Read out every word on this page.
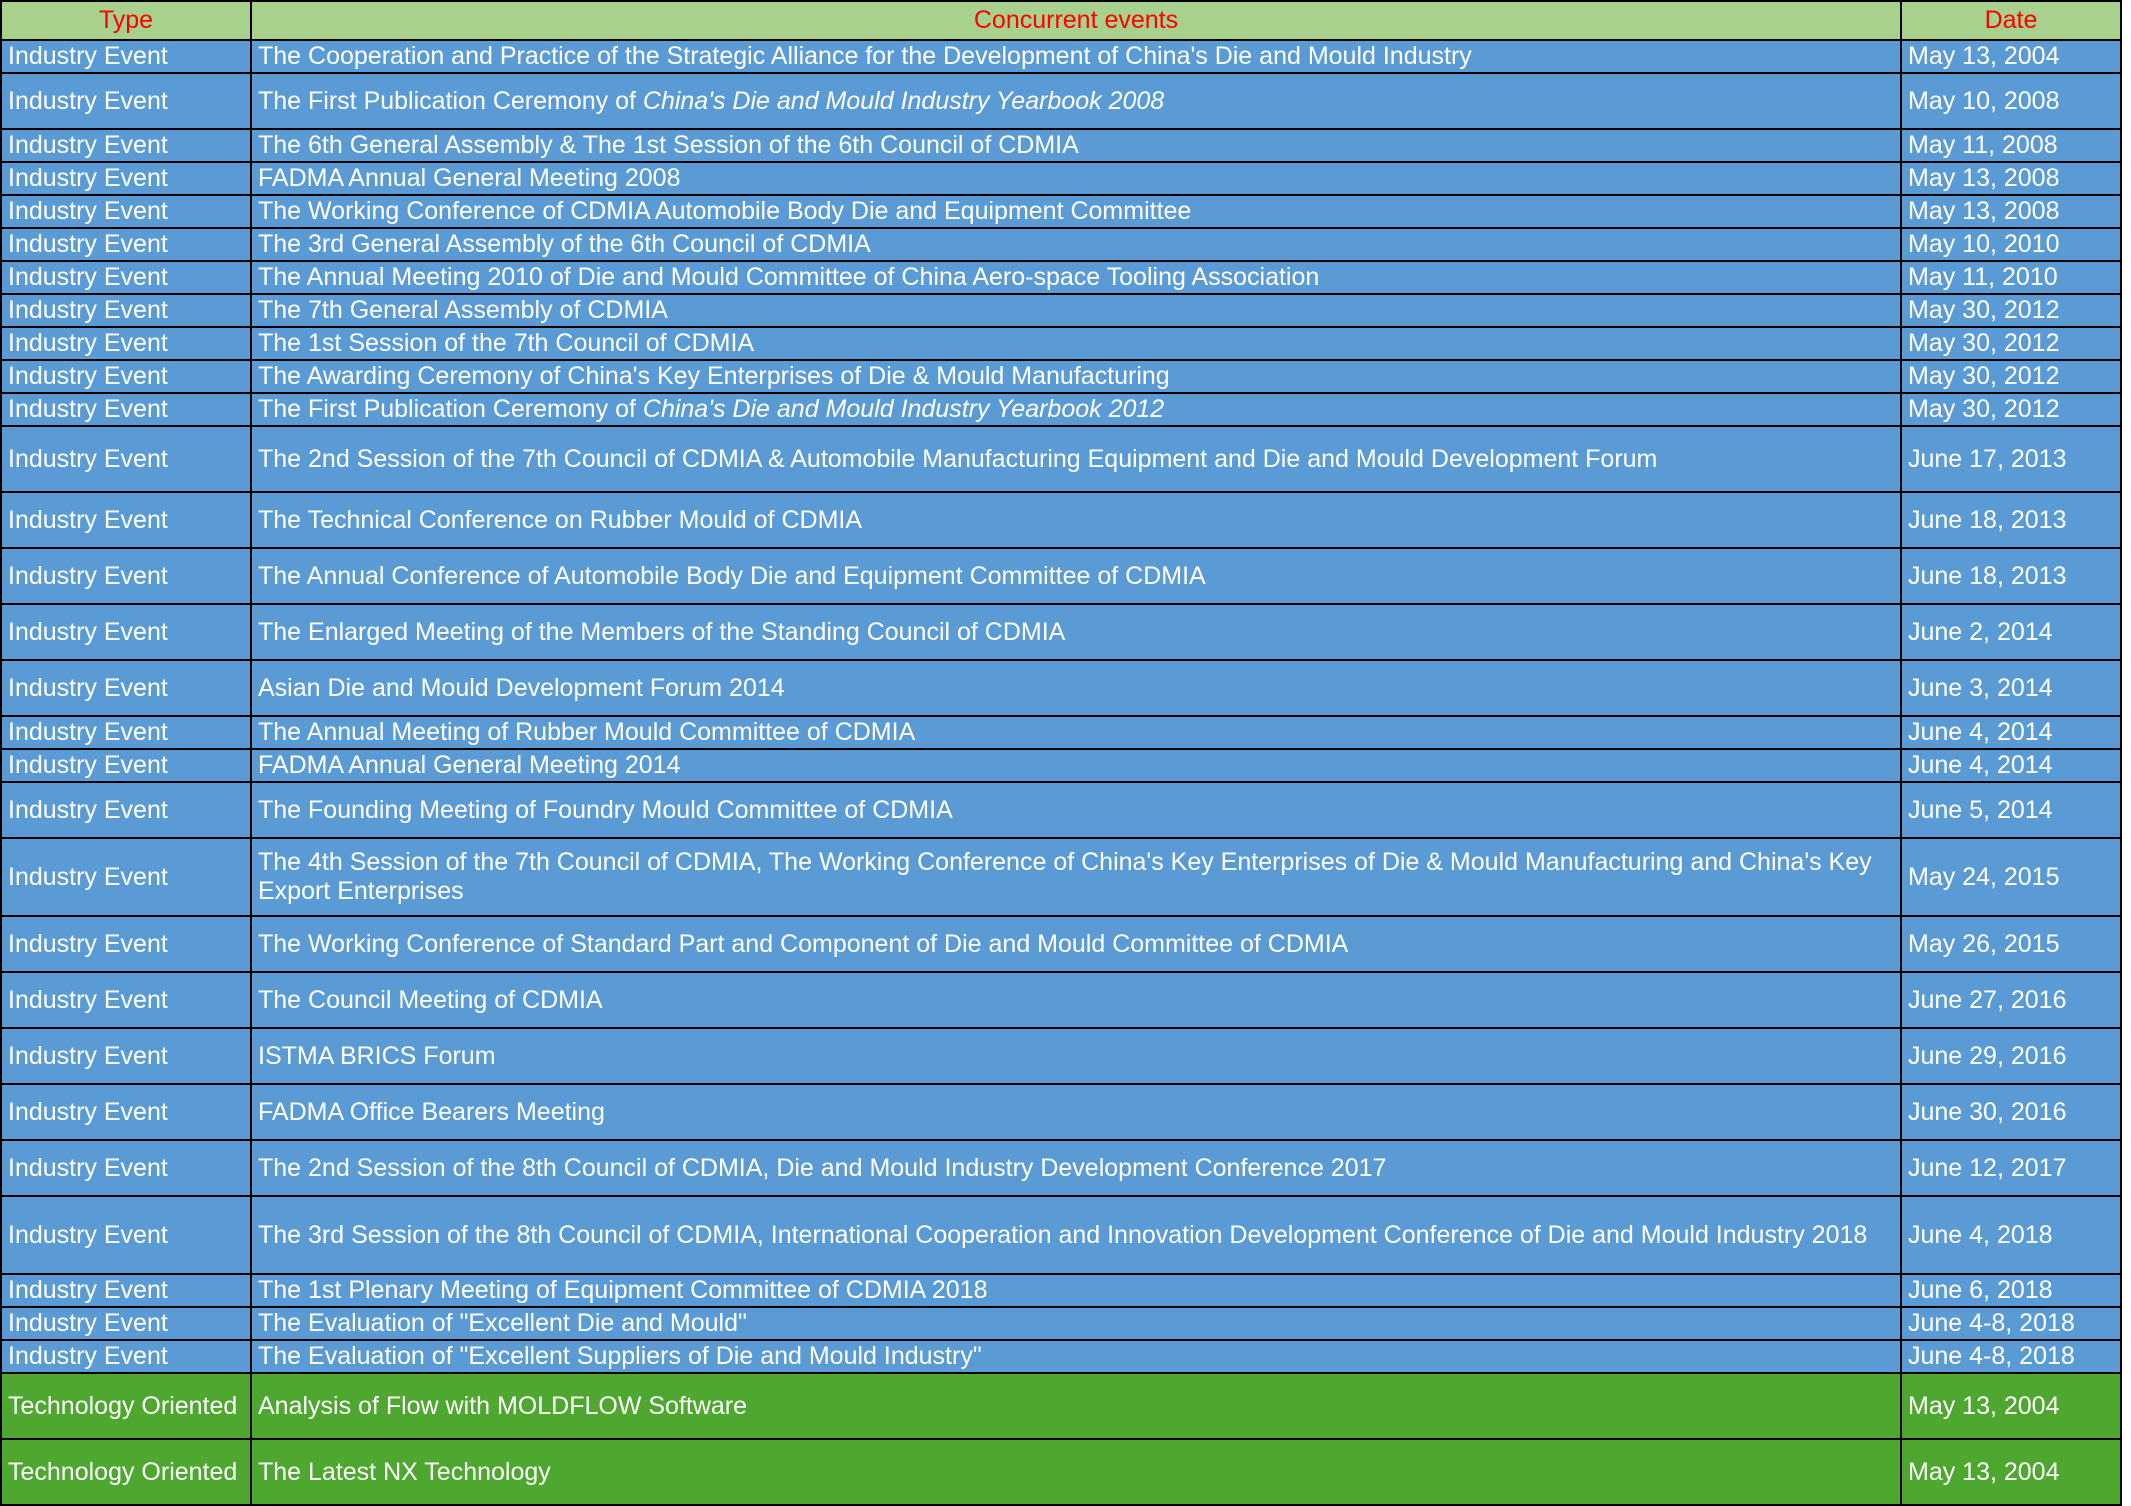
Type	Concurrent events	Date
Industry Event	The Cooperation and Practice of the Strategic Alliance for the Development of China's Die and Mould Industry	May 13, 2004
Industry Event	The First Publication Ceremony of China's Die and Mould Industry Yearbook 2008	May 10, 2008
Industry Event	The 6th General Assembly & The 1st Session of the 6th Council of CDMIA	May 11, 2008
Industry Event	FADMA Annual General Meeting 2008	May 13, 2008
Industry Event	The Working Conference of CDMIA Automobile Body Die and Equipment Committee	May 13, 2008
Industry Event	The 3rd General Assembly of the 6th Council of CDMIA	May 10, 2010
Industry Event	The Annual Meeting 2010 of Die and Mould Committee of China Aero-space Tooling Association	May 11, 2010
Industry Event	The 7th General Assembly of CDMIA	May 30, 2012
Industry Event	The 1st Session of the 7th Council of CDMIA	May 30, 2012
Industry Event	The Awarding Ceremony of China's Key Enterprises of Die & Mould Manufacturing	May 30, 2012
Industry Event	The First Publication Ceremony of China's Die and Mould Industry Yearbook 2012	May 30, 2012
Industry Event	The 2nd Session of the 7th Council of CDMIA & Automobile Manufacturing Equipment and Die and Mould Development Forum	June 17, 2013
Industry Event	The Technical Conference on Rubber Mould of CDMIA	June 18, 2013
Industry Event	The Annual Conference of Automobile Body Die and Equipment Committee of CDMIA	June 18, 2013
Industry Event	The Enlarged Meeting of the Members of the Standing Council of CDMIA	June 2, 2014
Industry Event	Asian Die and Mould Development Forum 2014	June 3, 2014
Industry Event	The Annual Meeting of Rubber Mould Committee of CDMIA	June 4, 2014
Industry Event	FADMA Annual General Meeting 2014	June 4, 2014
Industry Event	The Founding Meeting of Foundry Mould Committee of CDMIA	June 5, 2014
Industry Event	The 4th Session of the 7th Council of CDMIA, The Working Conference of China's Key Enterprises of Die & Mould Manufacturing and China's Key Export Enterprises	May 24, 2015
Industry Event	The Working Conference of Standard Part and Component of Die and Mould Committee of CDMIA	May 26, 2015
Industry Event	The Council Meeting of CDMIA	June 27, 2016
Industry Event	ISTMA BRICS Forum	June 29, 2016
Industry Event	FADMA Office Bearers Meeting	June 30, 2016
Industry Event	The 2nd Session of the 8th Council of CDMIA, Die and Mould Industry Development Conference 2017	June 12, 2017
Industry Event	The 3rd Session of the 8th Council of CDMIA, International Cooperation and Innovation Development Conference of Die and Mould Industry 2018	June 4, 2018
Industry Event	The 1st Plenary Meeting of Equipment Committee of CDMIA 2018	June 6, 2018
Industry Event	The Evaluation of "Excellent Die and Mould"	June 4-8, 2018
Industry Event	The Evaluation of "Excellent Suppliers of Die and Mould Industry"	June 4-8, 2018
Technology Oriented	Analysis of Flow with MOLDFLOW Software	May 13, 2004
Technology Oriented	The Latest NX Technology	May 13, 2004
